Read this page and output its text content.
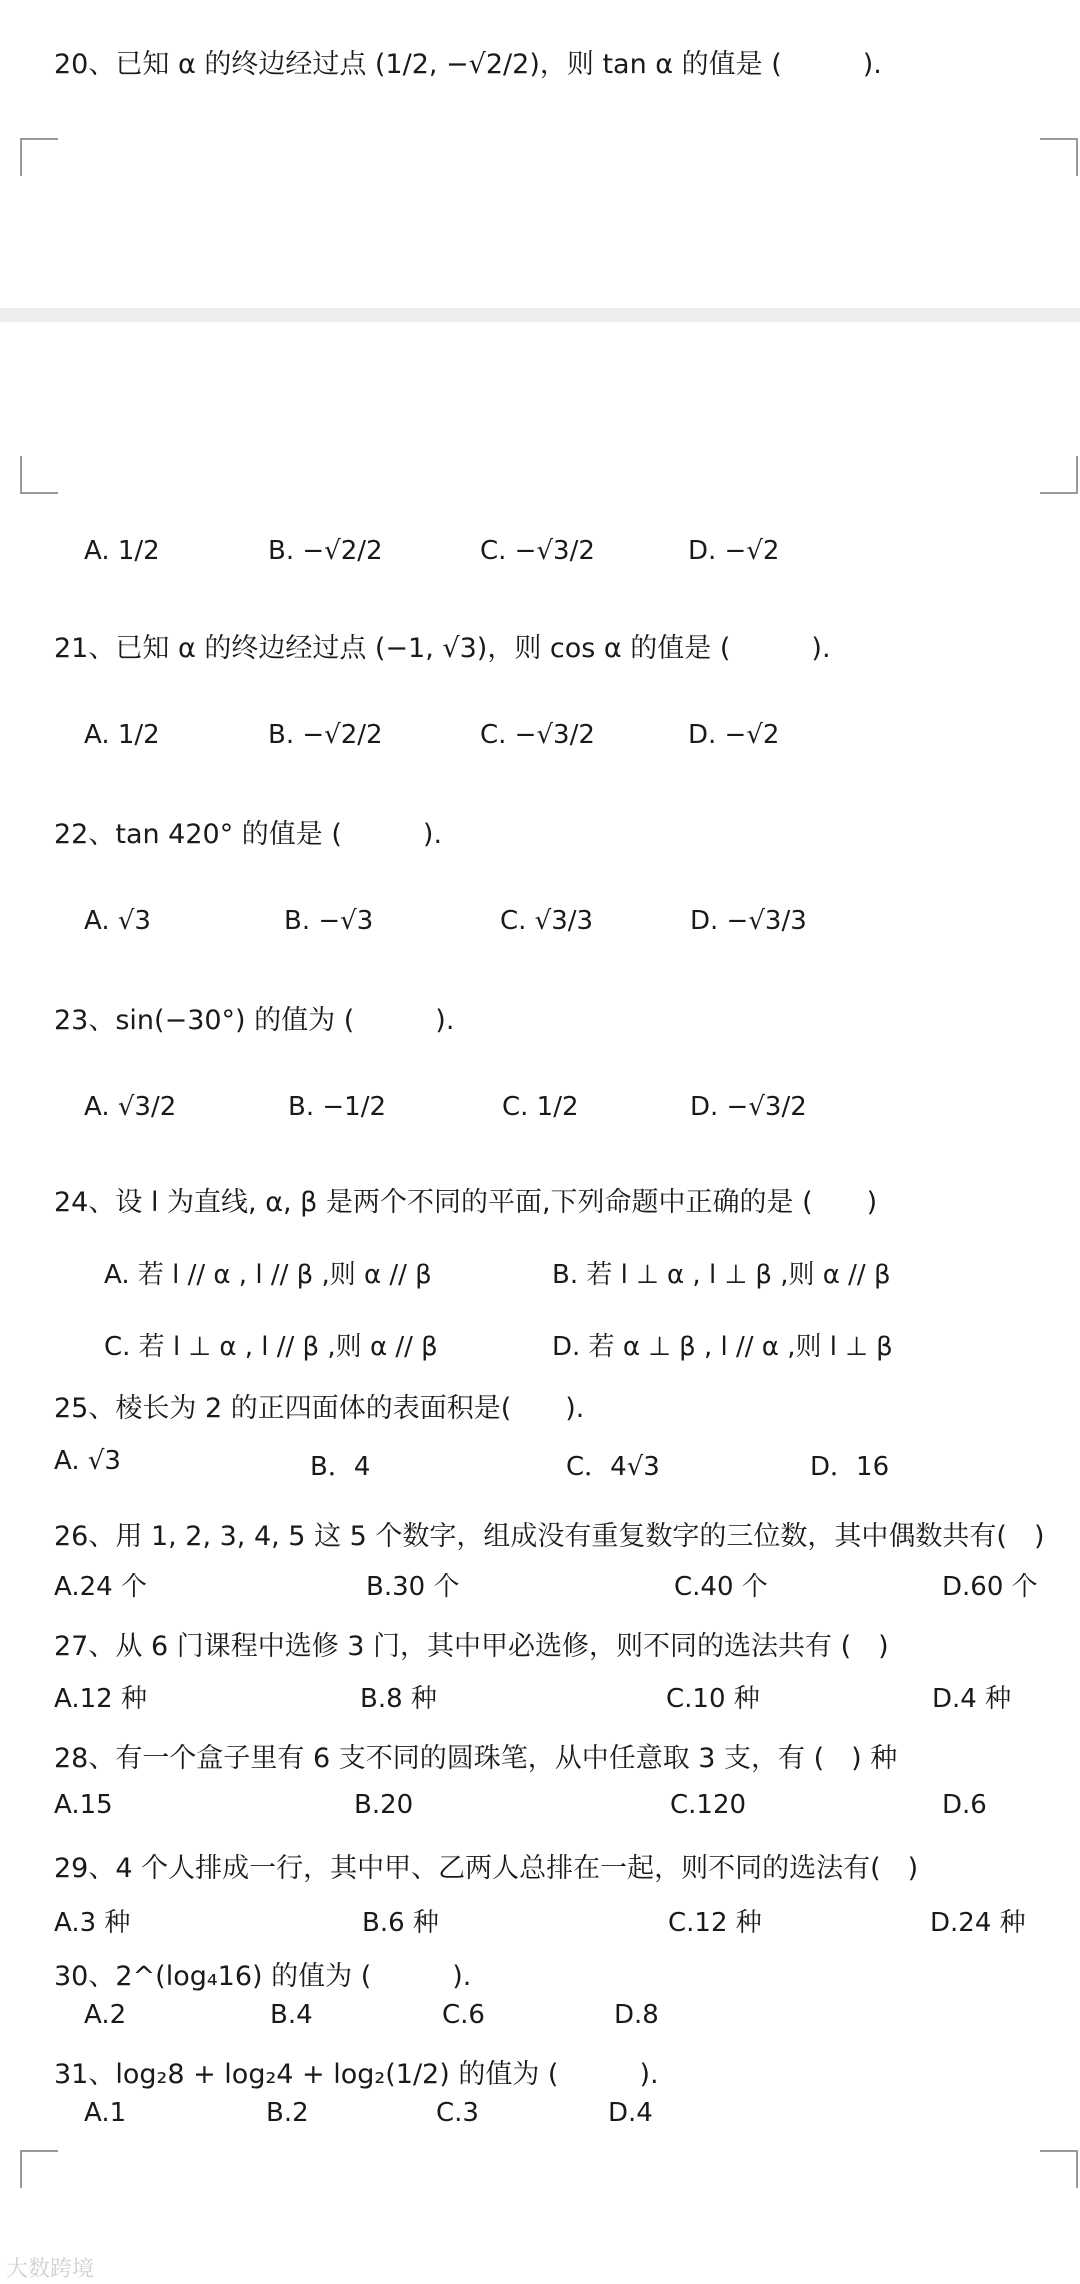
20、已知 α 的终边经过点 (1/2, −√2/2)，则 tan α 的值是 (　　　).
A. 1/2	B. −√2/2	C. −√3/2	D. −√2
21、已知 α 的终边经过点 (−1, √3)，则 cos α 的值是 (　　　).
A. 1/2	B. −√2/2	C. −√3/2	D. −√2
22、tan 420° 的值是 (　　　).
A. √3	B. −√3	C. √3/3	D. −√3/3
23、sin(−30°) 的值为 (　　　).
A. √3/2	B. −1/2	C. 1/2	D. −√3/2
24、设 l 为直线, α, β 是两个不同的平面,下列命题中正确的是 (　　)
A. 若 l // α , l // β ,则 α // β	B. 若 l ⊥ α , l ⊥ β ,则 α // β
C. 若 l ⊥ α , l // β ,则 α // β	D. 若 α ⊥ β , l // α ,则 l ⊥ β
25、棱长为 2 的正四面体的表面积是(　　).
A. √3	B．4	C．4√3	D．16
26、用 1, 2, 3, 4, 5 这 5 个数字，组成没有重复数字的三位数，其中偶数共有(　)
A.24 个	B.30 个	C.40 个	D.60 个
27、从 6 门课程中选修 3 门，其中甲必选修，则不同的选法共有 (　)
A.12 种	B.8 种	C.10 种	D.4 种
28、有一个盒子里有 6 支不同的圆珠笔，从中任意取 3 支，有 (　) 种
A.15	B.20	C.120	D.6
29、4 个人排成一行，其中甲、乙两人总排在一起，则不同的选法有(　)
A.3 种	B.6 种	C.12 种	D.24 种
30、2^(log₄16) 的值为 (　　　).
A.2	B.4	C.6	D.8
31、log₂8 + log₂4 + log₂(1/2) 的值为 (　　　).
A.1	B.2	C.3	D.4
大数跨境
